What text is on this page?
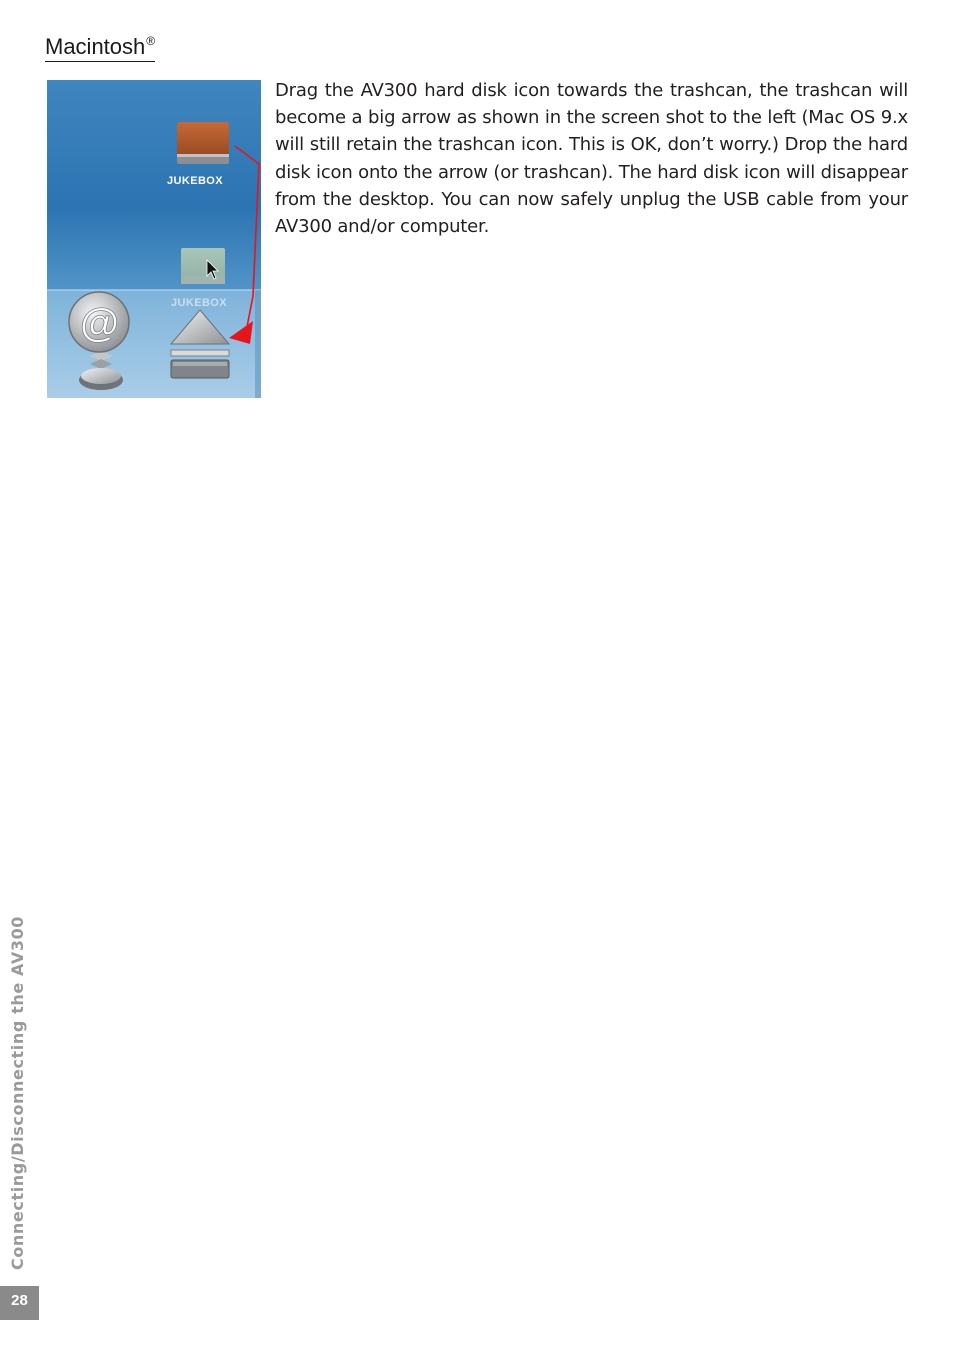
Macintosh®
JUKEBOX
JUKEBOX
@

Drag the AV300 hard disk icon towards the trashcan, the trashcan will become a big arrow as shown in the screen shot to the left (Mac OS 9.x will still retain the trashcan icon. This is OK, don’t worry.) Drop the hard disk icon onto the arrow (or trashcan). The hard disk icon will disappear from the desktop. You can now safely unplug the USB cable from your AV300 and/or computer.

Connecting/Disconnecting the AV300
28
